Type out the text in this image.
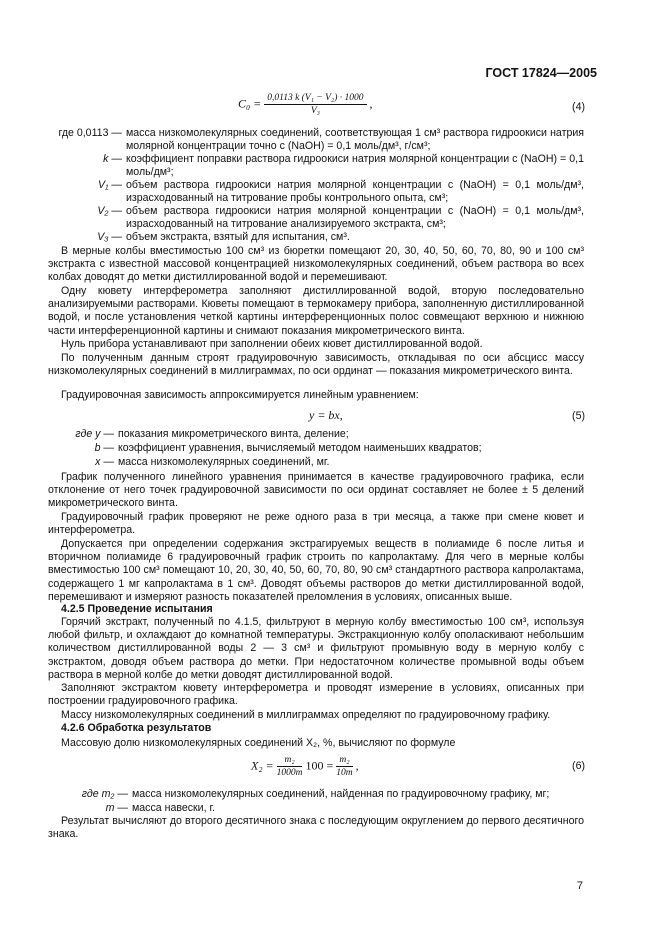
ГОСТ 17824—2005
$C_0 = \frac{\text{0,0113 k (V₁ − V₂) · 1000}}{\text{V₃}}$ ,	(4)
где 0,0113 — масса низкомолекулярных соединений, соответствующая 1 см³ раствора гидроокиси натрия молярной концентрации точно с (NaOH) = 0,1 моль/дм³, г/см³;
k — коэффициент поправки раствора гидроокиси натрия молярной концентрации с (NaOH) = 0,1 моль/дм³;
V₁ — объем раствора гидроокиси натрия молярной концентрации с (NaOH) = 0,1 моль/дм³, израсходованный на титрование пробы контрольного опыта, см³;
V₂ — объем раствора гидроокиси натрия молярной концентрации с (NaOH) = 0,1 моль/дм³, израсходованный на титрование анализируемого экстракта, см³;
V₃ — объем экстракта, взятый для испытания, см³.
В мерные колбы вместимостью 100 см³ из бюретки помещают 20, 30, 40, 50, 60, 70, 80, 90 и 100 см³ экстракта с известной массовой концентрацией низкомолекулярных соединений, объем раствора во всех колбах доводят до метки дистиллированной водой и перемешивают.
Одну кювету интерферометра заполняют дистиллированной водой, вторую последовательно анализируемыми растворами. Кюветы помещают в термокамеру прибора, заполненную дистиллированной водой, и после установления четкой картины интерференционных полос совмещают верхнюю и нижнюю части интерференционной картины и снимают показания микрометрического винта.
Нуль прибора устанавливают при заполнении обеих кювет дистиллированной водой.
По полученным данным строят градуировочную зависимость, откладывая по оси абсцисс массу низкомолекулярных соединений в миллиграммах, по оси ординат — показания микрометрического винта.
Градуировочная зависимость аппроксимируется линейным уравнением:
y = bx,	(5)
где y — показания микрометрического винта, деление;
b — коэффициент уравнения, вычисляемый методом наименьших квадратов;
x — масса низкомолекулярных соединений, мг.
График полученного линейного уравнения принимается в качестве градуировочного графика, если отклонение от него точек градуировочной зависимости по оси ординат составляет не более ± 5 делений микрометрического винта.
Градуировочный график проверяют не реже одного раза в три месяца, а также при смене кювет и интерферометра.
Допускается при определении содержания экстрагируемых веществ в полиамиде 6 после литья и вторичном полиамиде 6 градуировочный график строить по капролактаму. Для чего в мерные колбы вместимостью 100 см³ помещают 10, 20, 30, 40, 50, 60, 70, 80, 90 см³ стандартного раствора капролактама, содержащего 1 мг капролактама в 1 см³. Доводят объемы растворов до метки дистиллированной водой, перемешивают и измеряют разность показателей преломления в условиях, описанных выше.
4.2.5 Проведение испытания
Горячий экстракт, полученный по 4.1.5, фильтруют в мерную колбу вместимостью 100 см³, используя любой фильтр, и охлаждают до комнатной температуры. Экстракционную колбу ополаскивают небольшим количеством дистиллированной воды 2 — 3 см³ и фильтруют промывную воду в мерную колбу с экстрактом, доводя объем раствора до метки. При недостаточном количестве промывной воды объем раствора в мерной колбе до метки доводят дистиллированной водой.
Заполняют экстрактом кювету интерферометра и проводят измерение в условиях, описанных при построении градуировочного графика.
Массу низкомолекулярных соединений в миллиграммах определяют по градуировочному графику.
4.2.6 Обработка результатов
Массовую долю низкомолекулярных соединений X₂, %, вычисляют по формуле
$X_2 = \frac{\text{m₂}}{1000m} 100 = \frac{\text{m₂}}{10m}$ ,	(6)
где m₂ — масса низкомолекулярных соединений, найденная по градуировочному графику, мг;
m — масса навески, г.
Результат вычисляют до второго десятичного знака с последующим округлением до первого десятичного знака.
7
